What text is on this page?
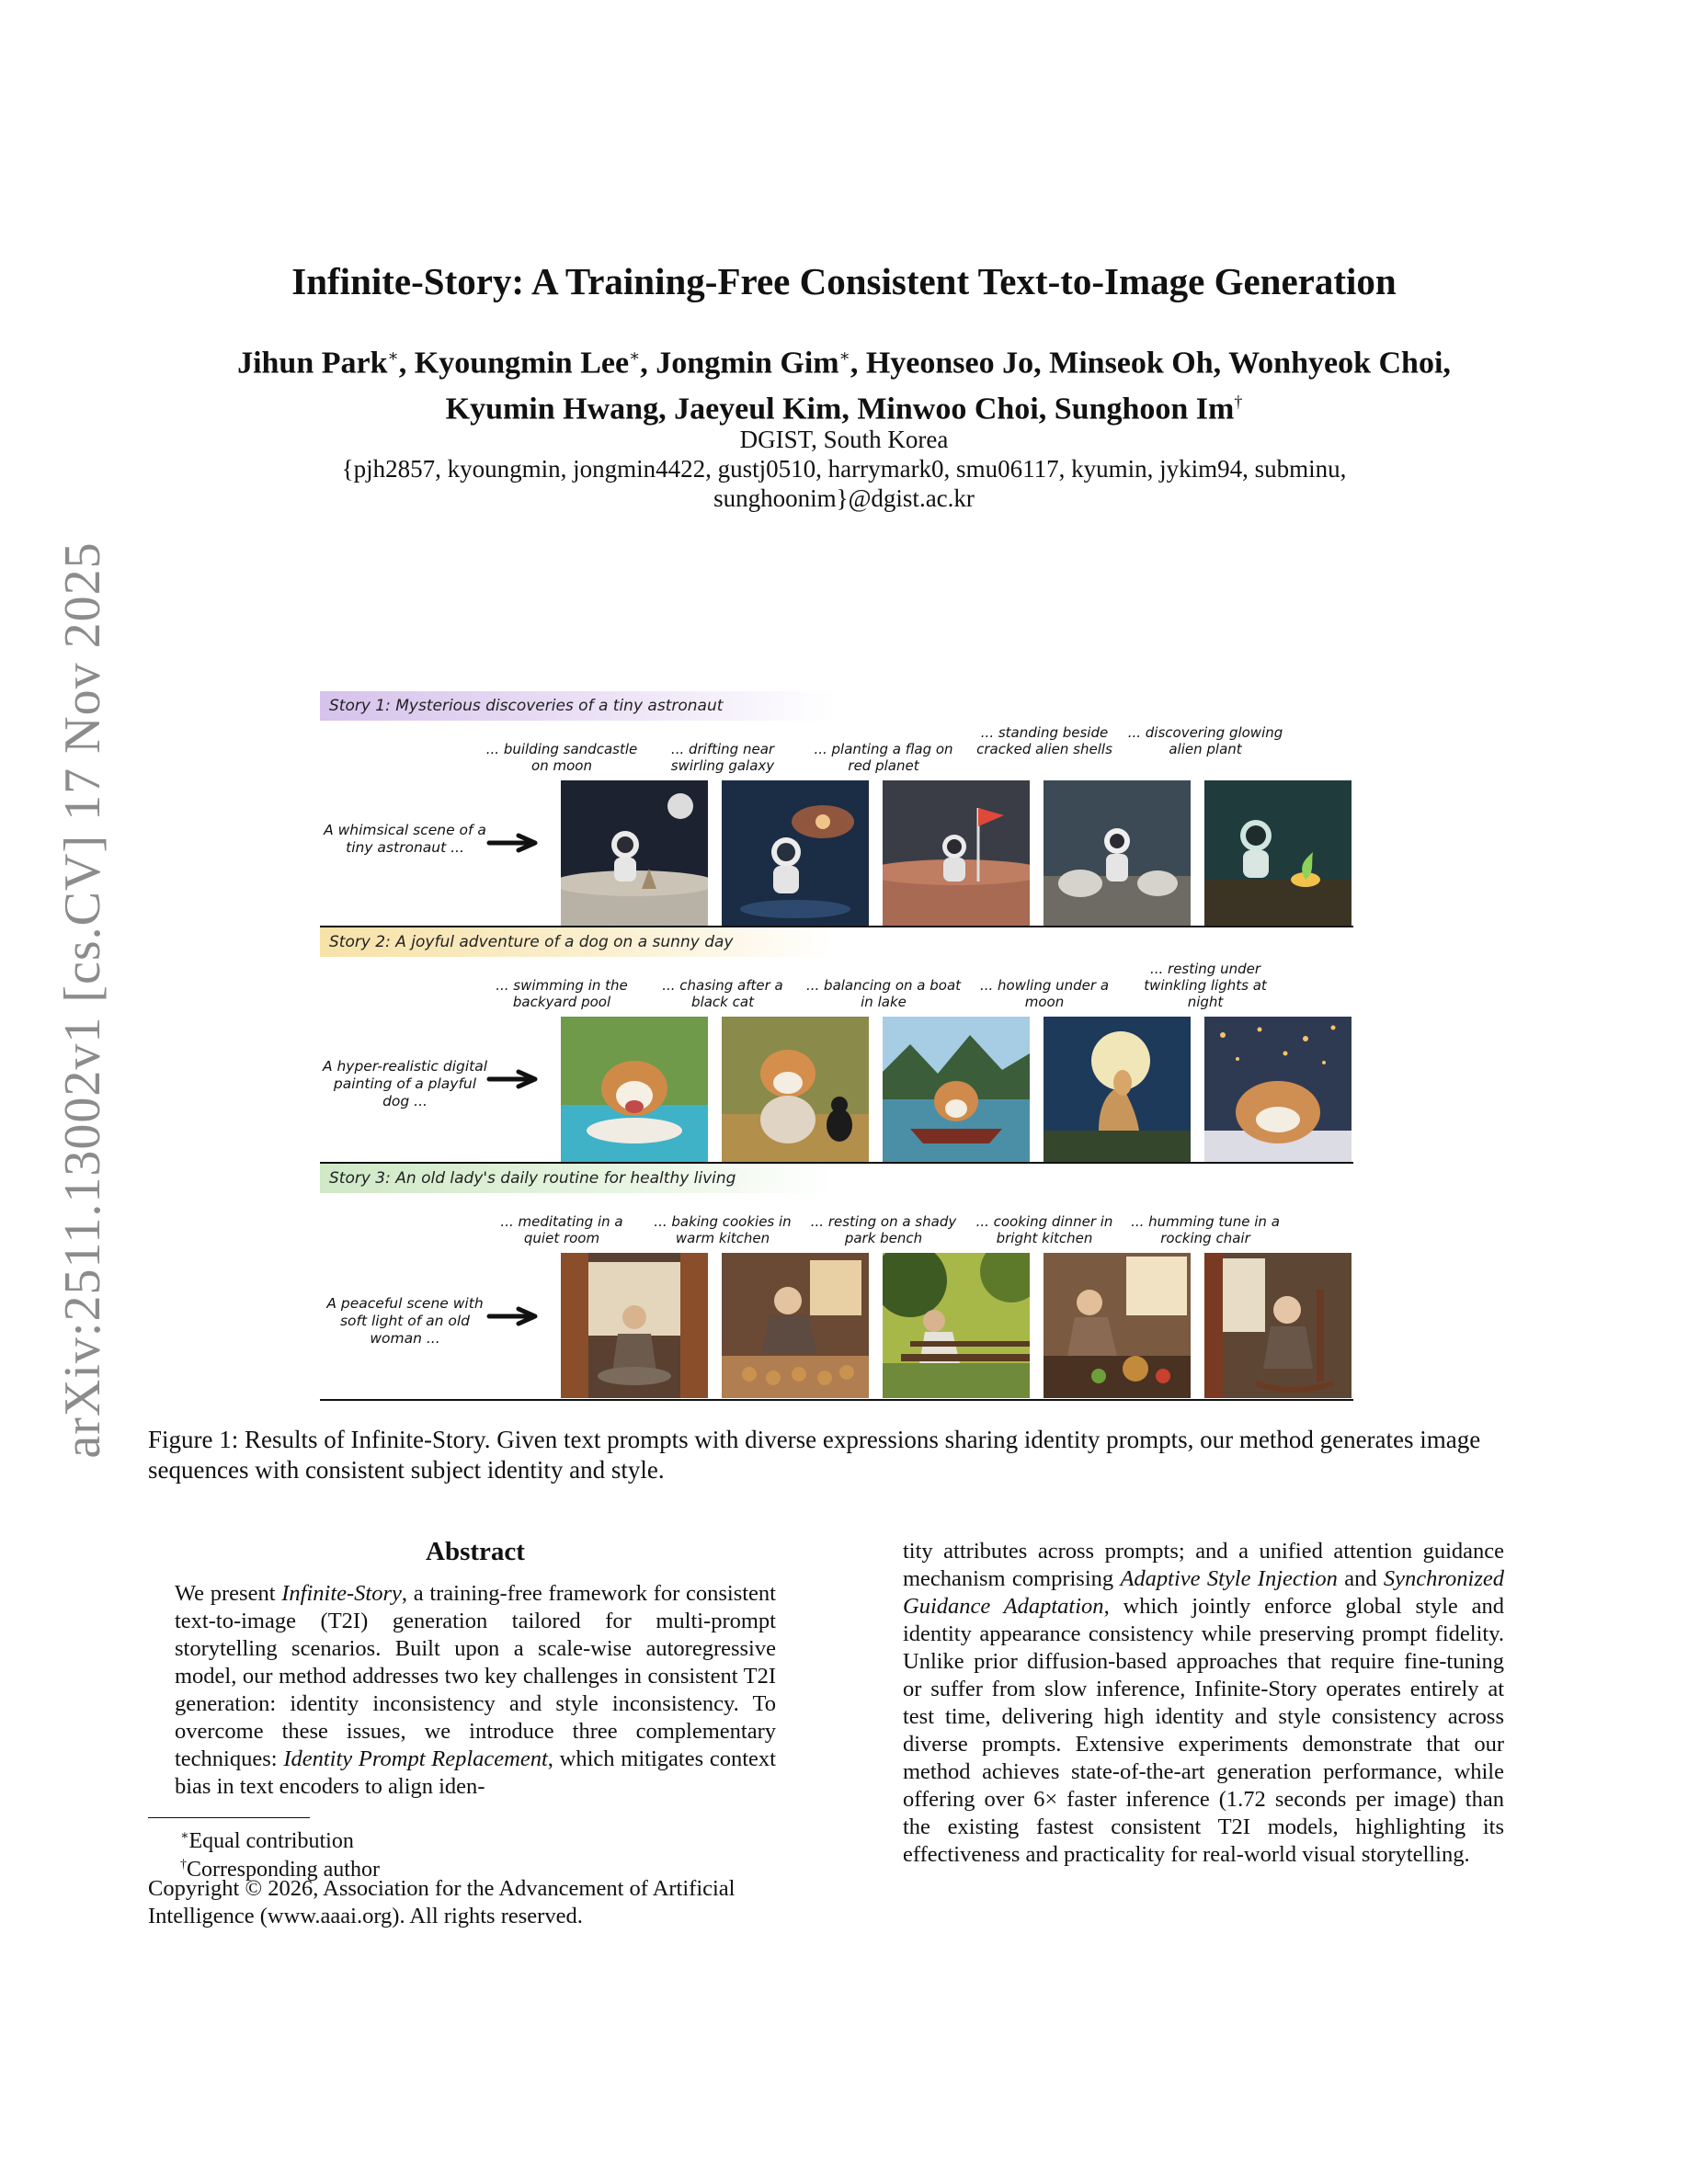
arXiv:2511.13002v1 [cs.CV] 17 Nov 2025
Infinite-Story: A Training-Free Consistent Text-to-Image Generation
Jihun Park∗, Kyoungmin Lee∗, Jongmin Gim∗, Hyeonseo Jo, Minseok Oh, Wonhyeok Choi,
Kyumin Hwang, Jaeyeul Kim, Minwoo Choi, Sunghoon Im†
DGIST, South Korea
{pjh2857, kyoungmin, jongmin4422, gustj0510, harrymark0, smu06117, kyumin, jykim94, subminu,
sunghoonim}@dgist.ac.kr
Story 1: Mysterious discoveries of a tiny astronaut
A whimsical scene of a tiny astronaut ...
... building sandcastle on moon
... drifting near swirling galaxy
... planting a flag on red planet
... standing beside cracked alien shells
... discovering glowing alien plant
Story 2: A joyful adventure of a dog on a sunny day
A hyper-realistic digital painting of a playful dog ...
... swimming in the backyard pool
... chasing after a black cat
... balancing on a boat in lake
... howling under a moon
... resting under twinkling lights at night
Story 3: An old lady's daily routine for healthy living
A peaceful scene with soft light of an old woman ...
... meditating in a quiet room
... baking cookies in warm kitchen
... resting on a shady park bench
... cooking dinner in bright kitchen
... humming tune in a rocking chair
Figure 1: Results of Infinite-Story. Given text prompts with diverse expressions sharing identity prompts, our method generates image sequences with consistent subject identity and style.
Abstract

We present Infinite-Story, a training-free framework for consistent text-to-image (T2I) generation tailored for multi-prompt storytelling scenarios. Built upon a scale-wise autoregressive model, our method addresses two key challenges in consistent T2I generation: identity inconsistency and style inconsistency. To overcome these issues, we introduce three complementary techniques: Identity Prompt Replacement, which mitigates context bias in text encoders to align iden-

tity attributes across prompts; and a unified attention guidance mechanism comprising Adaptive Style Injection and Synchronized Guidance Adaptation, which jointly enforce global style and identity appearance consistency while preserving prompt fidelity. Unlike prior diffusion-based approaches that require fine-tuning or suffer from slow inference, Infinite-Story operates entirely at test time, delivering high identity and style consistency across diverse prompts. Extensive experiments demonstrate that our method achieves state-of-the-art generation performance, while offering over 6× faster inference (1.72 seconds per image) than the existing fastest consistent T2I models, highlighting its effectiveness and practicality for real-world visual storytelling.
∗Equal contribution
†Corresponding author
Copyright © 2026, Association for the Advancement of Artificial Intelligence (www.aaai.org). All rights reserved.
